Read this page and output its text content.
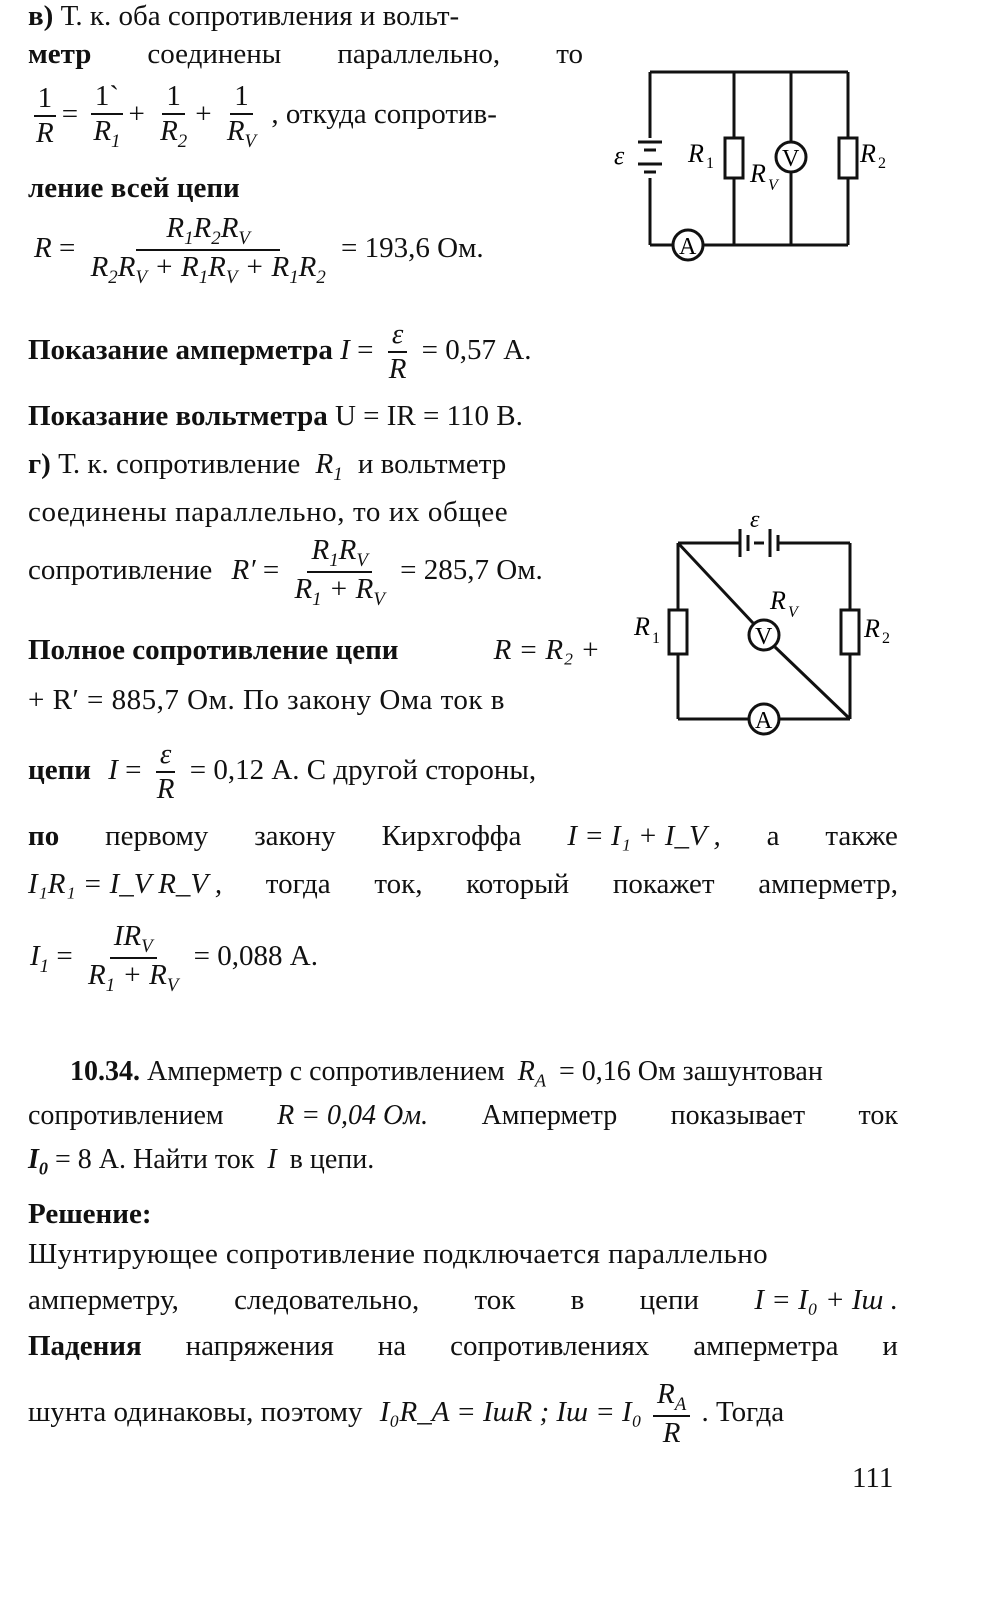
в) Т. к. оба сопротивления и вольт-
метр соединены параллельно, то
$\frac{1}{R} = \frac{1`}{R_1} + \frac{1}{R_2} + \frac{1}{R_V}$ , откуда сопротив-
ление всей цепи
$R = \frac{R_1R_2R_V}{R_2R_V + R_1R_V + R_1R_2} = 193,6$ Ом.
Показание амперметра $I = \frac{\varepsilon}{R} = 0,57$ А.
Показание вольтметра U = IR = 110 В.
ε R 1 R V
V R 2
A
г) Т. к. сопротивление $R_1$ и вольтметр
соединены параллельно, то их общее
сопротивление $R' = \frac{R_1R_V}{R_1 + R_V} = 285,7$ Ом.
Полное сопротивление цепи	R = R₂ +
+ R′ = 885,7 Ом. По закону Ома ток в
цепи $I = \frac{\varepsilon}{R} = 0,12$ А. С другой стороны,
ε
R 1
R V
V	R 2
A
по первому закону Кирхгоффа I = I₁ + I_V , а также
I₁R₁ = I_V R_V , тогда ток, который покажет амперметр,
$I_1 = \frac{IR_V}{R_1 + R_V} = 0,088$ А.
10.34. Амперметр с сопротивлением $R_A = 0,16$ Ом зашунтован
сопротивлением R = 0,04 Ом. Амперметр показывает ток
$I_0 = 8$ А. Найти ток I в цепи.
Решение:
Шунтирующее сопротивление подключается параллельно
амперметру, следовательно, ток в цепи I = I₀ + Iш .
Падения напряжения на сопротивлениях амперметра и
шунта одинаковы, поэтому I₀R_A = IшR ; Iш = $I_0 \frac{R_A}{R}$ . Тогда
111
